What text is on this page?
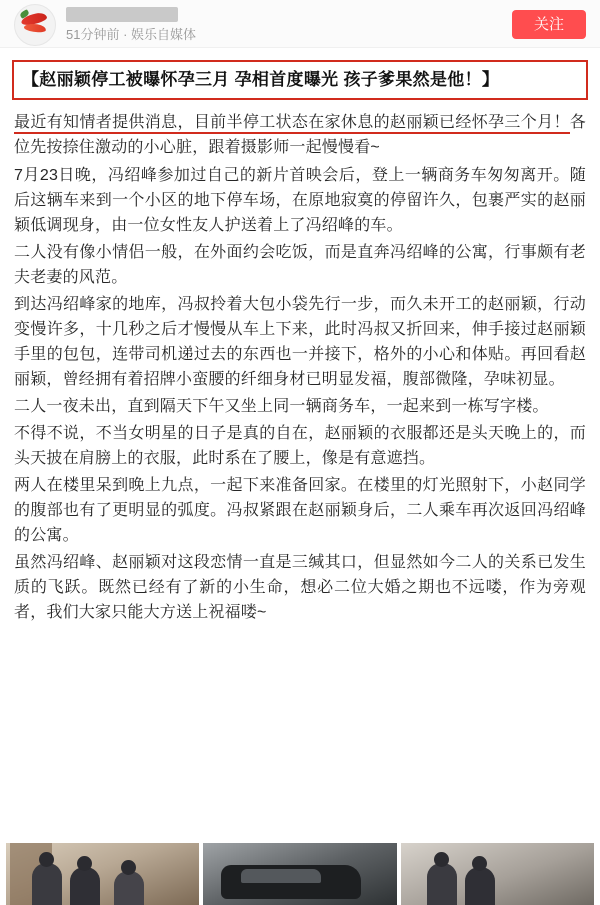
51分钟前 · 娱乐自媒体
关注
【赵丽颖停工被曝怀孕三月 孕相首度曝光 孩子爹果然是他！】

最近有知情者提供消息，目前半停工状态在家休息的赵丽颖已经怀孕三个月！各位先按捺住激动的小心脏，跟着摄影师一起慢慢看~

7月23日晚，冯绍峰参加过自己的新片首映会后，登上一辆商务车匆匆离开。随后这辆车来到一个小区的地下停车场，在原地寂寞的停留许久，包裹严实的赵丽颖低调现身，由一位女性友人护送着上了冯绍峰的车。

二人没有像小情侣一般，在外面约会吃饭，而是直奔冯绍峰的公寓，行事颇有老夫老妻的风范。

到达冯绍峰家的地库，冯叔拎着大包小袋先行一步，而久未开工的赵丽颖，行动变慢许多，十几秒之后才慢慢从车上下来，此时冯叔又折回来，伸手接过赵丽颖手里的包包，连带司机递过去的东西也一并接下，格外的小心和体贴。再回看赵丽颖，曾经拥有着招牌小蛮腰的纤细身材已明显发福，腹部微隆，孕味初显。

二人一夜未出，直到隔天下午又坐上同一辆商务车，一起来到一栋写字楼。

不得不说，不当女明星的日子是真的自在，赵丽颖的衣服都还是头天晚上的，而头天披在肩膀上的衣服，此时系在了腰上，像是有意遮挡。

两人在楼里呆到晚上九点，一起下来准备回家。在楼里的灯光照射下，小赵同学的腹部也有了更明显的弧度。冯叔紧跟在赵丽颖身后，二人乘车再次返回冯绍峰的公寓。

虽然冯绍峰、赵丽颖对这段恋情一直是三缄其口，但显然如今二人的关系已发生质的飞跃。既然已经有了新的小生命，想必二位大婚之期也不远喽，作为旁观者，我们大家只能大方送上祝福喽~
